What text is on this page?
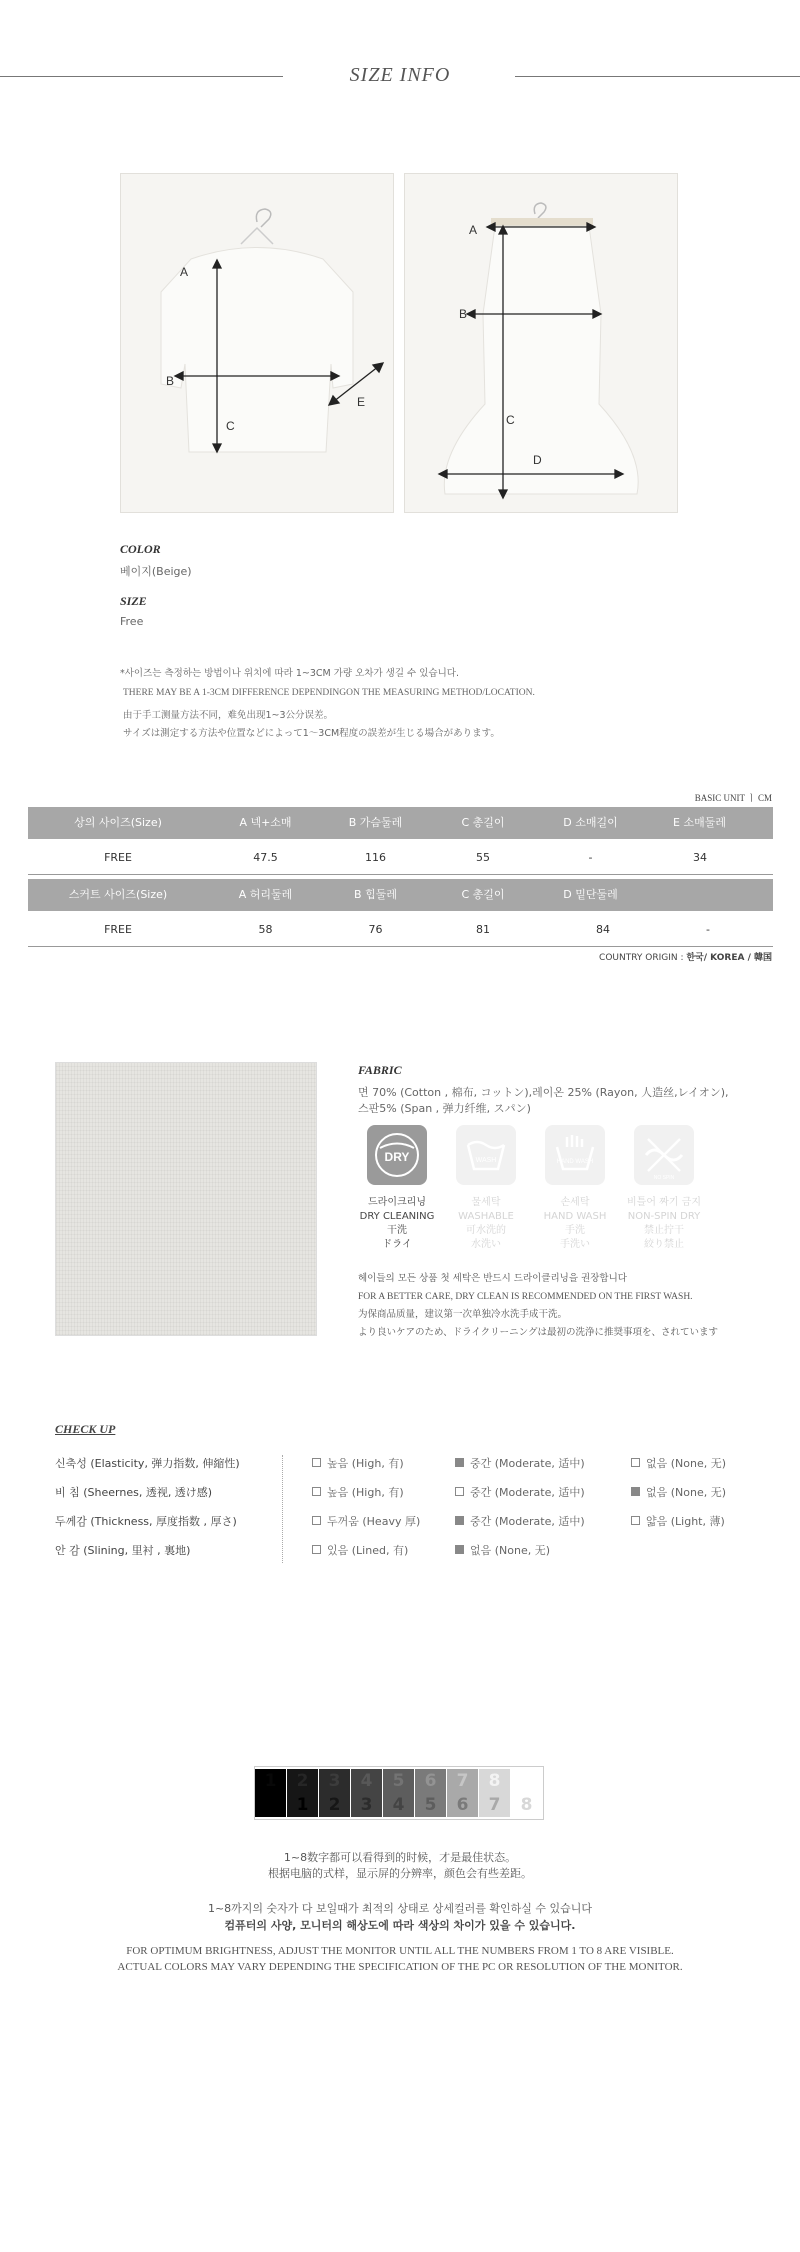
SIZE INFO
A
B
C
E
A
B
C
D
COLOR
베이지(Beige)
SIZE
Free
*사이즈는 측정하는 방법이나 위치에 따라 1~3CM 가량 오차가 생길 수 있습니다.
THERE MAY BE A 1-3CM DIFFERENCE DEPENDINGON THE MEASURING METHOD/LOCATION.
由于手工测量方法不同，难免出现1~3公分误差。
サイズは測定する方法や位置などによって1〜3CM程度の誤差が生じる場合があります。
BASIC UNIT ㅣ CM
상의 사이즈(Size)	A 넥+소매	B 가슴둘레	C 총길이	D 소매길이	E 소매둘레
FREE	47.5	116	55	-	34
스커트 사이즈(Size)	A 허리둘레	B 힙둘레	C 총길이	D 밑단둘레
FREE	58	76	81	84	-
COUNTRY ORIGIN : 한국/ KOREA / 韓国
FABRIC
면 70% (Cotton , 棉布, コットン),레이온 25% (Rayon, 人造丝,レイオン),
스판5% (Span , 弹力纤维, スパン)
DRY	WASH	HAND WASH
NO SPIN
드라이크리닝
DRY CLEANING
干洗
ドライ
물세탁
WASHABLE
可水洗的
水洗い
손세탁
HAND WASH
手洗
手洗い
비틀어 짜기 금지
NON-SPIN DRY
禁止拧干
絞り禁止
헤이들의 모든 상품 첫 세탁은 반드시 드라이클리닝을 권장합니다
FOR A BETTER CARE, DRY CLEAN IS RECOMMENDED ON THE FIRST WASH.
为保商品质量，建议第一次单独冷水洗手成干洗。
より良いケアのため、ドライクリーニングは最初の洗浄に推奨事項を、されています
CHECK UP
신축성 (Elasticity, 弹力指数, 伸縮性)	높음 (High, 有)	중간 (Moderate, 适中)	없음 (None, 无)
비 침 (Sheernes, 透视, 透け感)	높음 (High, 有)	중간 (Moderate, 适中)	없음 (None, 无)
두께감 (Thickness, 厚度指数 , 厚さ)	두꺼움 (Heavy 厚)	중간 (Moderate, 适中)	얇음 (Light, 薄)
안 감 (Slining, 里衬 , 裏地)	있음 (Lined, 有)	없음 (None, 无)
1	2
1
3
2
4
3
5
4
6
5
7
6
8
7	8
1~8数字都可以看得到的时候，才是最佳状态。
根据电脑的式样，显示屏的分辨率，颜色会有些差距。
1~8까지의 숫자가 다 보일때가 최적의 상태로 상세컬러를 확인하실 수 있습니다
컴퓨터의 사양, 모니터의 해상도에 따라 색상의 차이가 있을 수 있습니다.
FOR OPTIMUM BRIGHTNESS, ADJUST THE MONITOR UNTIL ALL THE NUMBERS FROM 1 TO 8 ARE VISIBLE.
ACTUAL COLORS MAY VARY DEPENDING THE SPECIFICATION OF THE PC OR RESOLUTION OF THE MONITOR.
